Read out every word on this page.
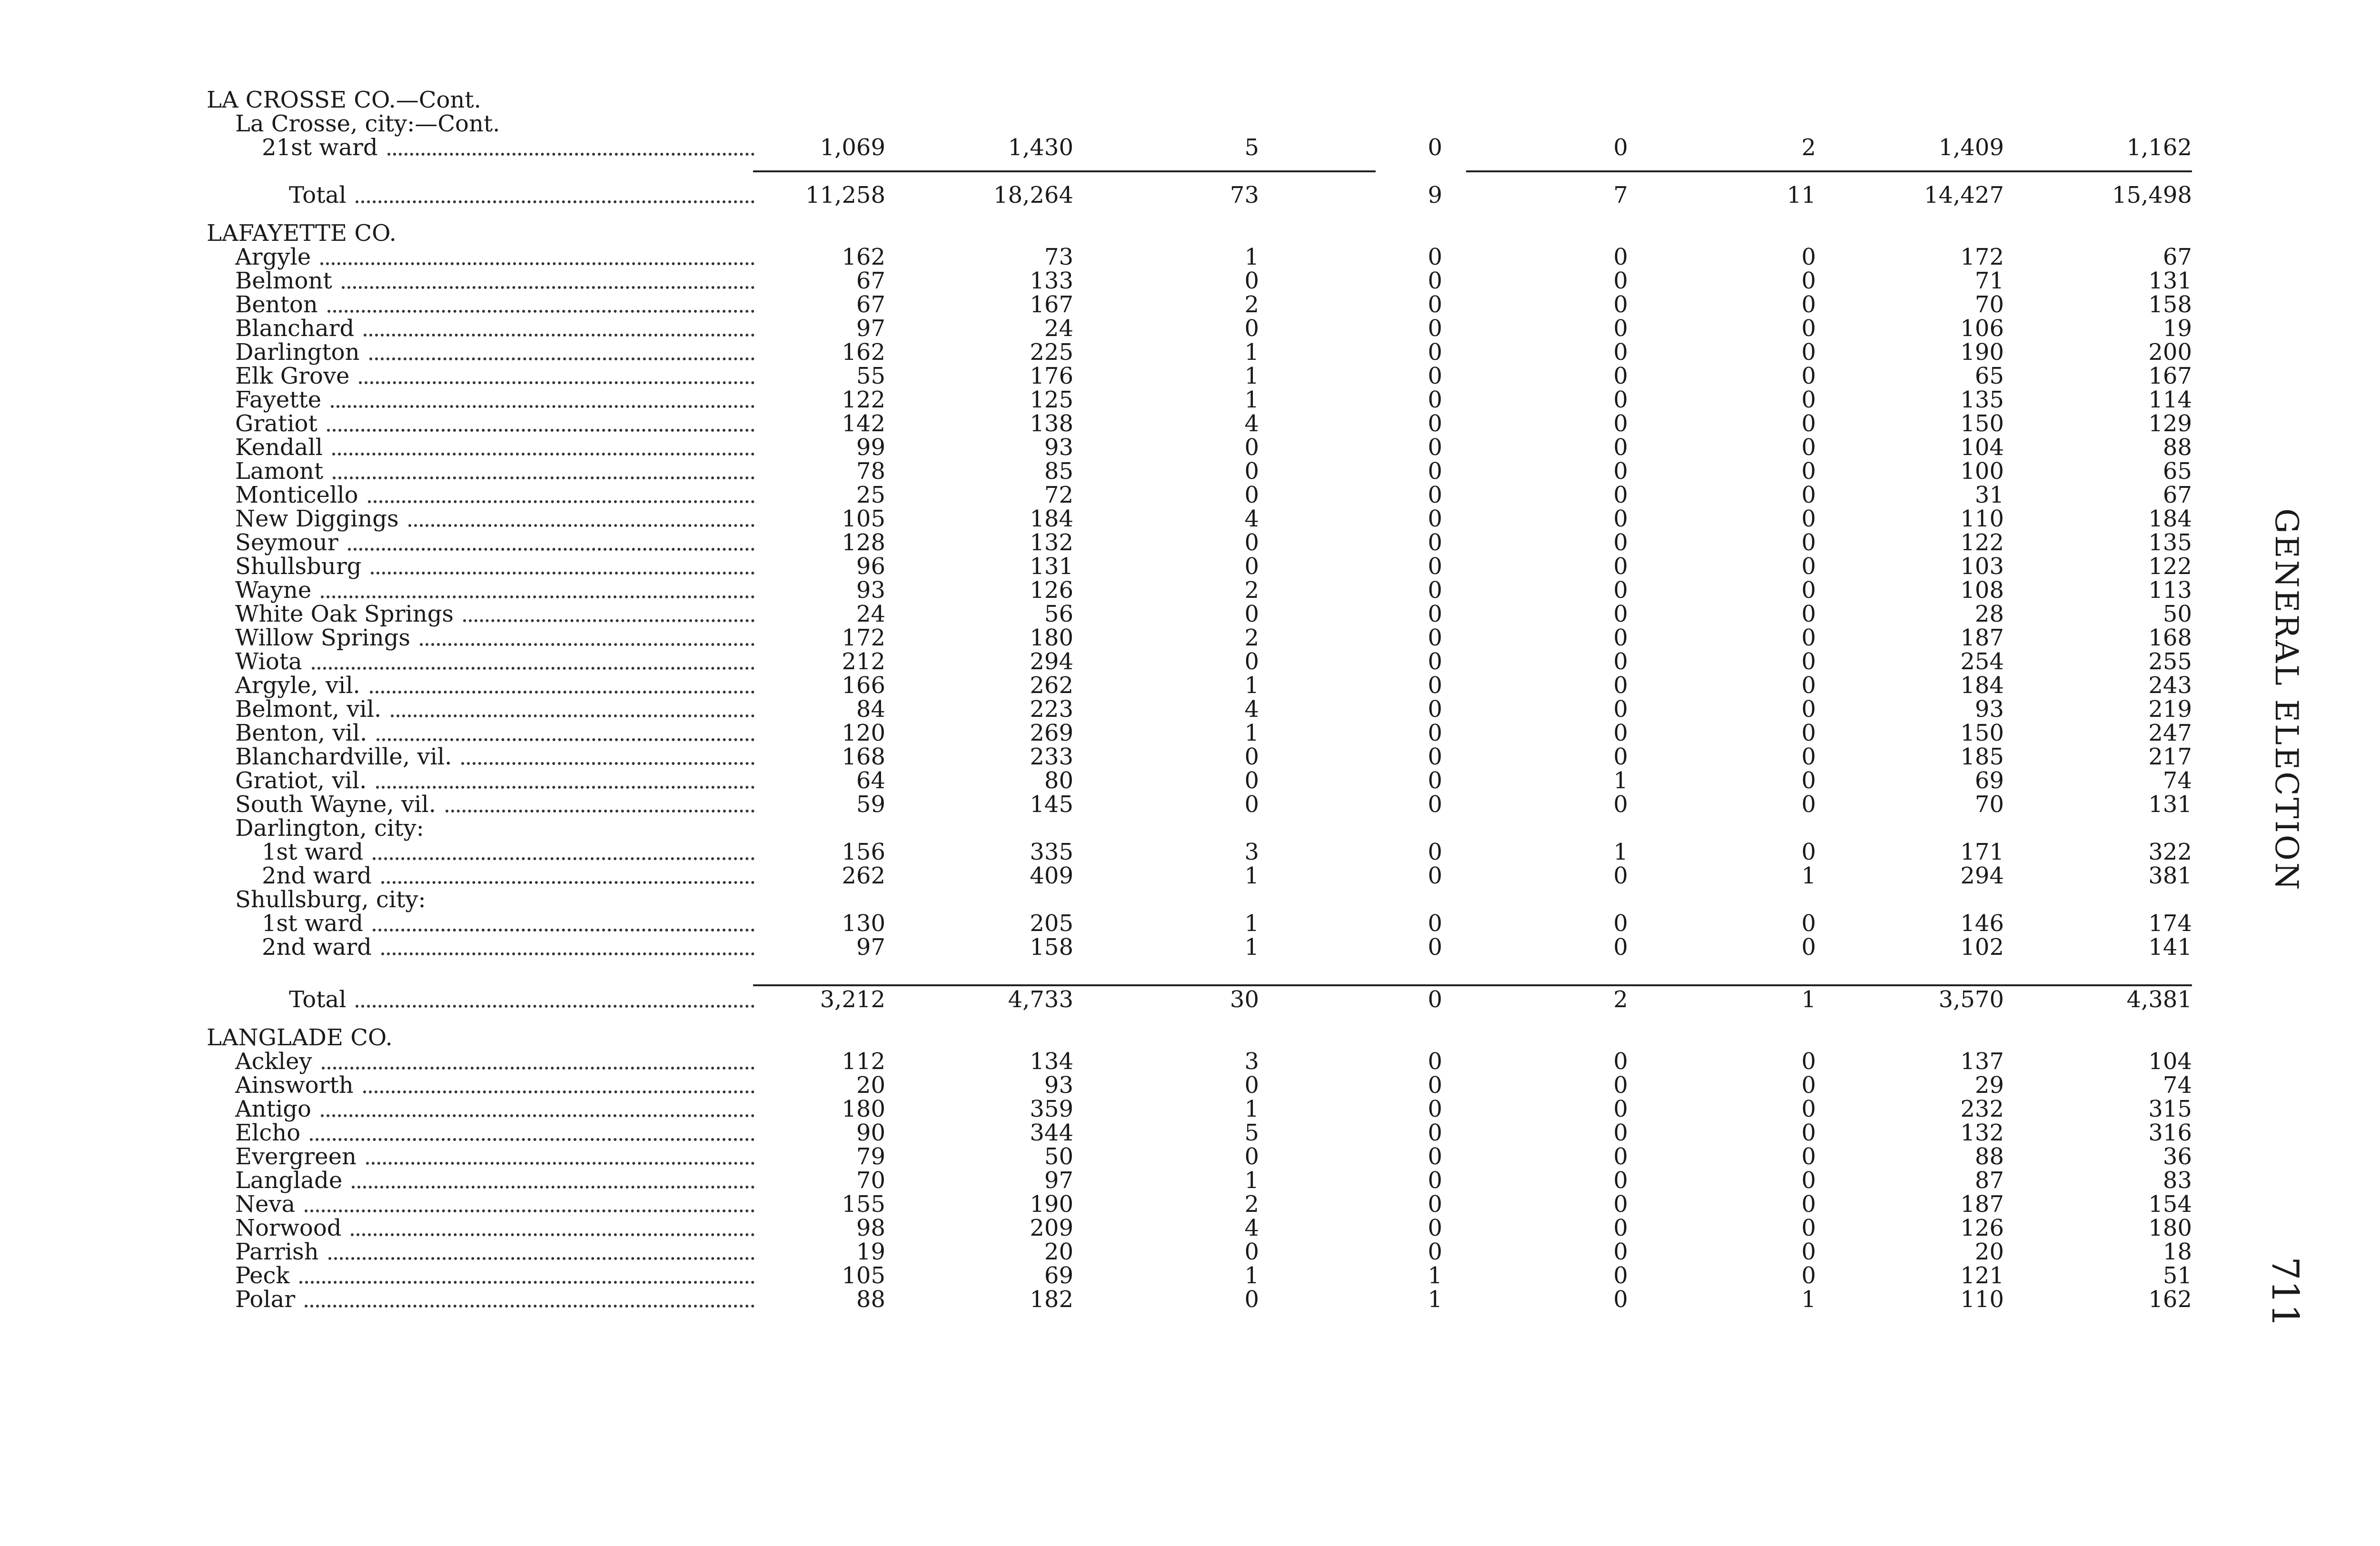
LA CROSSE CO.—Cont.
La Crosse, city:—Cont.
21st ward	1,069	1,430	5	0	0	2	1,409	1,162
Total	11,258	18,264	73	9	7	11	14,427	15,498
LAFAYETTE CO.
Argyle	162	73	1	0	0	0	172	67
Belmont	67	133	0	0	0	0	71	131
Benton	67	167	2	0	0	0	70	158
Blanchard	97	24	0	0	0	0	106	19
Darlington	162	225	1	0	0	0	190	200
Elk Grove	55	176	1	0	0	0	65	167
Fayette	122	125	1	0	0	0	135	114
Gratiot	142	138	4	0	0	0	150	129
Kendall	99	93	0	0	0	0	104	88
Lamont	78	85	0	0	0	0	100	65
Monticello	25	72	0	0	0	0	31	67
New Diggings	105	184	4	0	0	0	110	184
Seymour	128	132	0	0	0	0	122	135
Shullsburg	96	131	0	0	0	0	103	122
Wayne	93	126	2	0	0	0	108	113
White Oak Springs	24	56	0	0	0	0	28	50
Willow Springs	172	180	2	0	0	0	187	168
Wiota	212	294	0	0	0	0	254	255
Argyle, vil.	166	262	1	0	0	0	184	243
Belmont, vil.	84	223	4	0	0	0	93	219
Benton, vil.	120	269	1	0	0	0	150	247
Blanchardville, vil.	168	233	0	0	0	0	185	217
Gratiot, vil.	64	80	0	0	1	0	69	74
South Wayne, vil.	59	145	0	0	0	0	70	131
Darlington, city:
1st ward	156	335	3	0	1	0	171	322
2nd ward	262	409	1	0	0	1	294	381
Shullsburg, city:
1st ward	130	205	1	0	0	0	146	174
2nd ward	97	158	1	0	0	0	102	141
Total	3,212	4,733	30	0	2	1	3,570	4,381
LANGLADE CO.
Ackley	112	134	3	0	0	0	137	104
Ainsworth	20	93	0	0	0	0	29	74
Antigo	180	359	1	0	0	0	232	315
Elcho	90	344	5	0	0	0	132	316
Evergreen	79	50	0	0	0	0	88	36
Langlade	70	97	1	0	0	0	87	83
Neva	155	190	2	0	0	0	187	154
Norwood	98	209	4	0	0	0	126	180
Parrish	19	20	0	0	0	0	20	18
Peck	105	69	1	1	0	0	121	51
Polar	88	182	0	1	0	1	110	162
GENERAL ELECTION
711
